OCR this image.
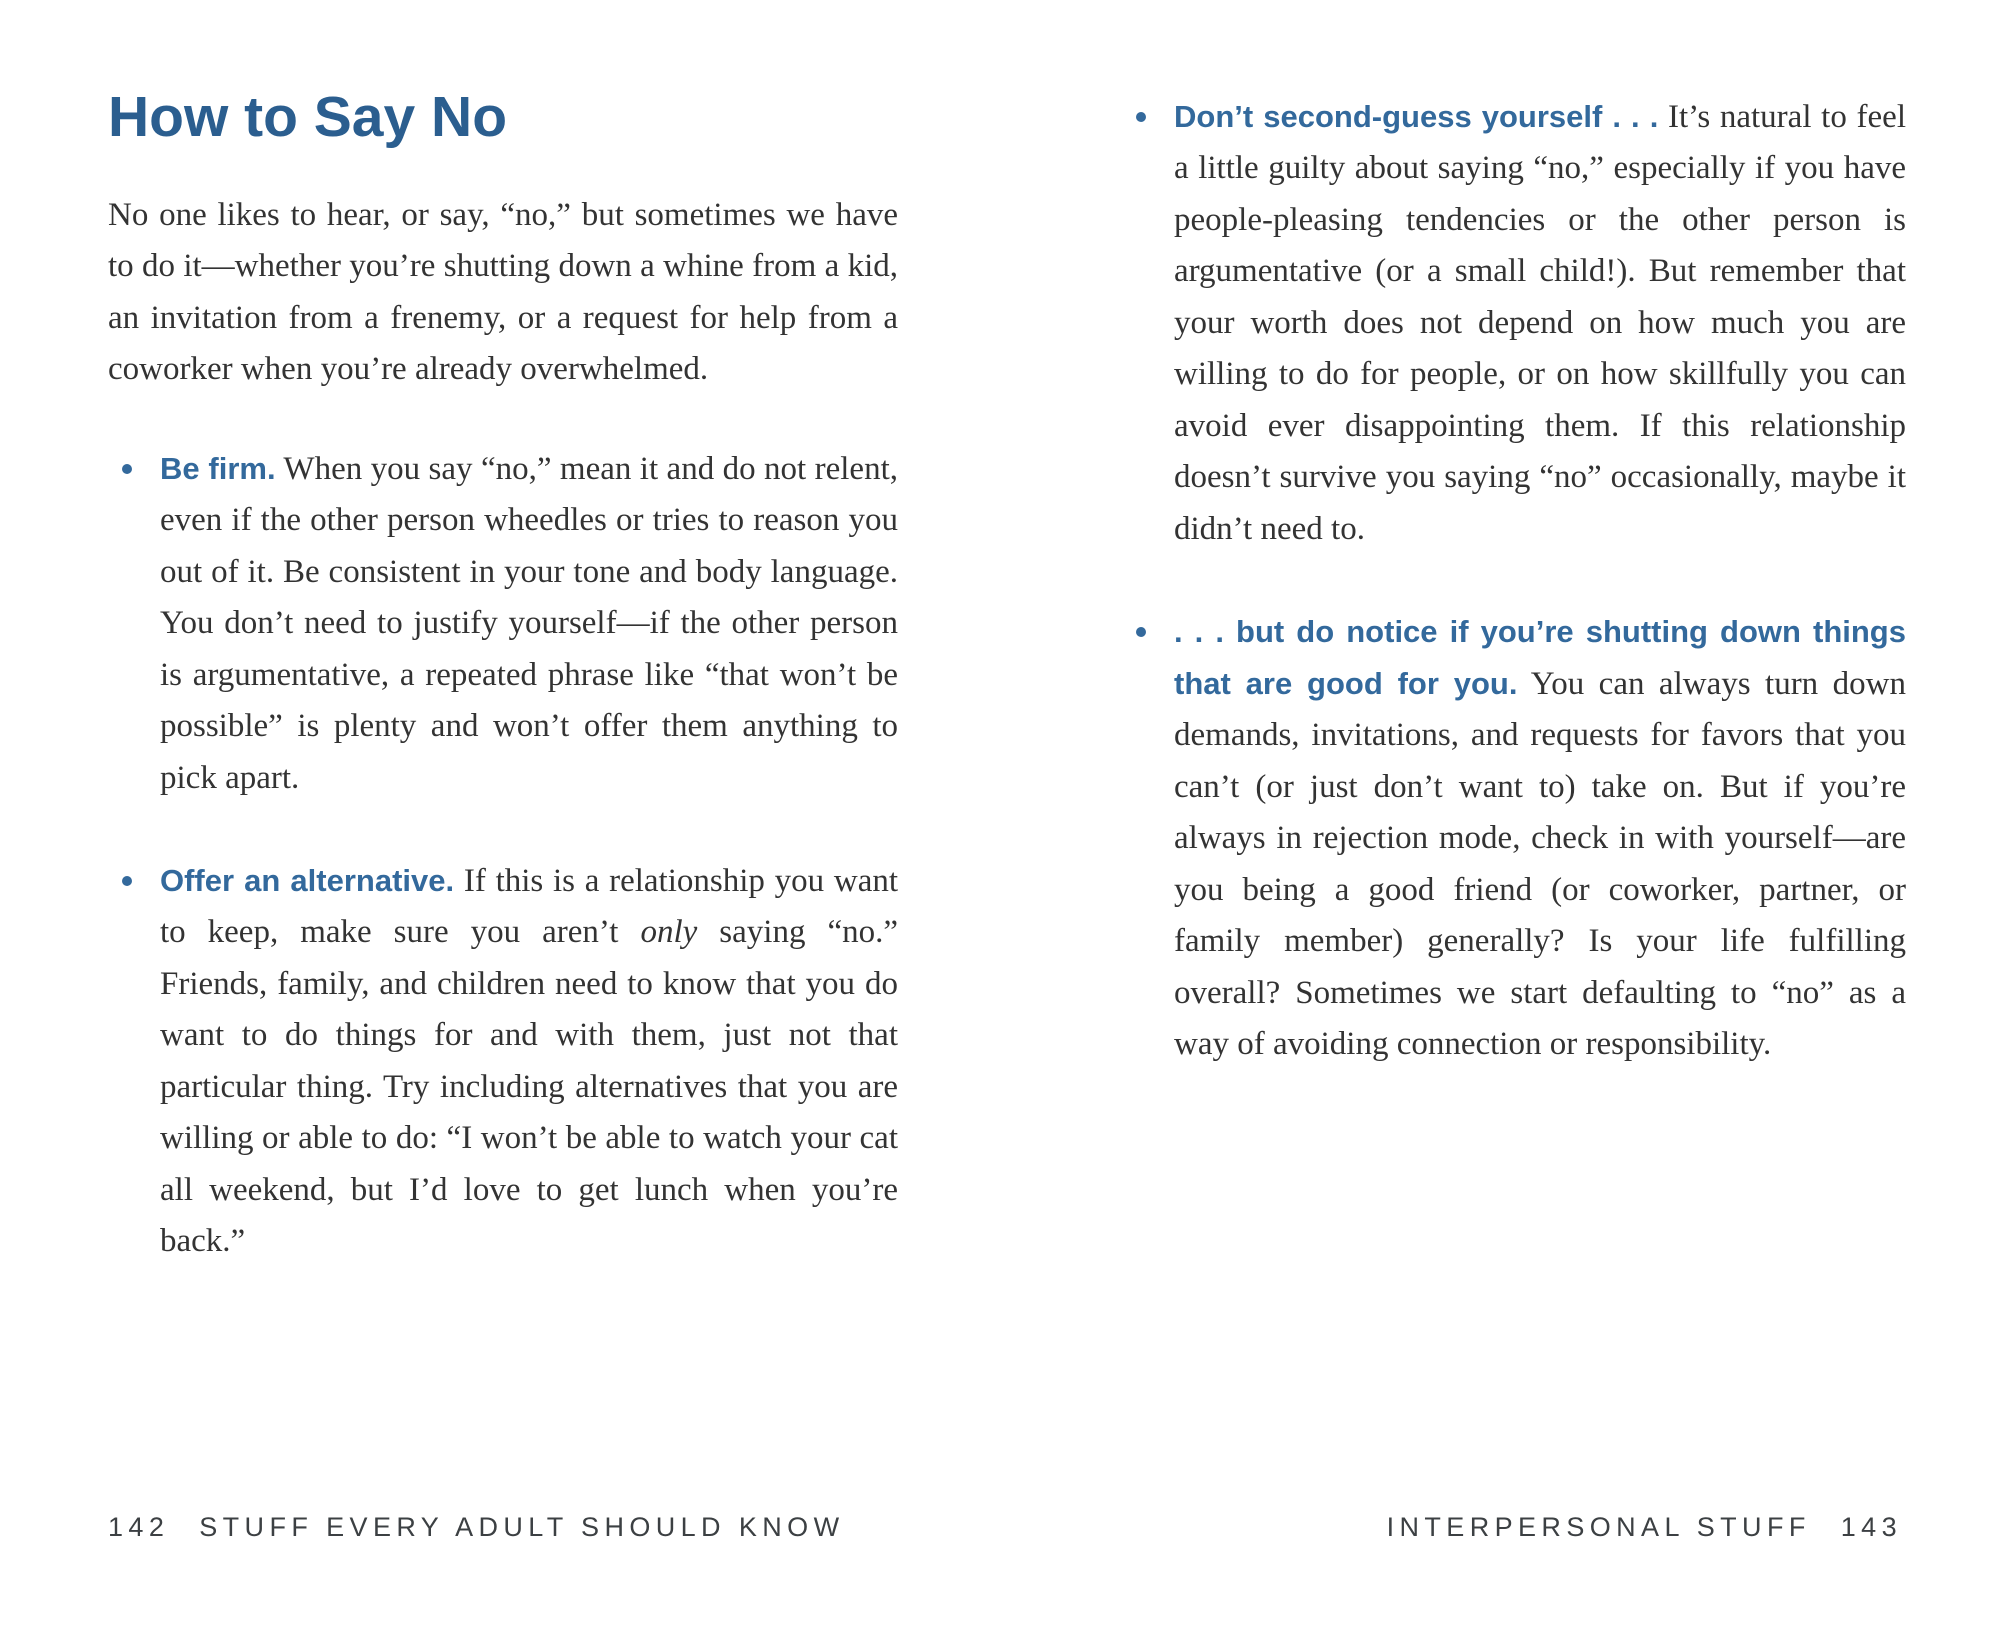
How to Say No

No one likes to hear, or say, “no,” but sometimes we have to do it—whether you’re shutting down a whine from a kid, an invitation from a frenemy, or a request for help from a coworker when you’re already overwhelmed.

Be firm. When you say “no,” mean it and do not relent, even if the other person wheedles or tries to reason you out of it. Be consistent in your tone and body language. You don’t need to justify yourself—if the other person is argumentative, a repeated phrase like “that won’t be possible” is plenty and won’t offer them anything to pick apart.

Offer an alternative. If this is a relationship you want to keep, make sure you aren’t only saying “no.” Friends, family, and children need to know that you do want to do things for and with them, just not that particular thing. Try including alternatives that you are willing or able to do: “I won’t be able to watch your cat all weekend, but I’d love to get lunch when you’re back.”

Don’t second-guess yourself . . . It’s natural to feel a little guilty about saying “no,” especially if you have people-pleasing tendencies or the other person is argumentative (or a small child!). But remember that your worth does not depend on how much you are willing to do for people, or on how skillfully you can avoid ever disappointing them. If this relationship doesn’t survive you saying “no” occasionally, maybe it didn’t need to.

. . . but do notice if you’re shutting down things that are good for you. You can always turn down demands, invitations, and requests for favors that you can’t (or just don’t want to) take on. But if you’re always in rejection mode, check in with yourself—are you being a good friend (or coworker, partner, or family member) generally? Is your life fulfilling overall? Sometimes we start defaulting to “no” as a way of avoiding connection or responsibility.

142 STUFF EVERY ADULT SHOULD KNOW	INTERPERSONAL STUFF 143
